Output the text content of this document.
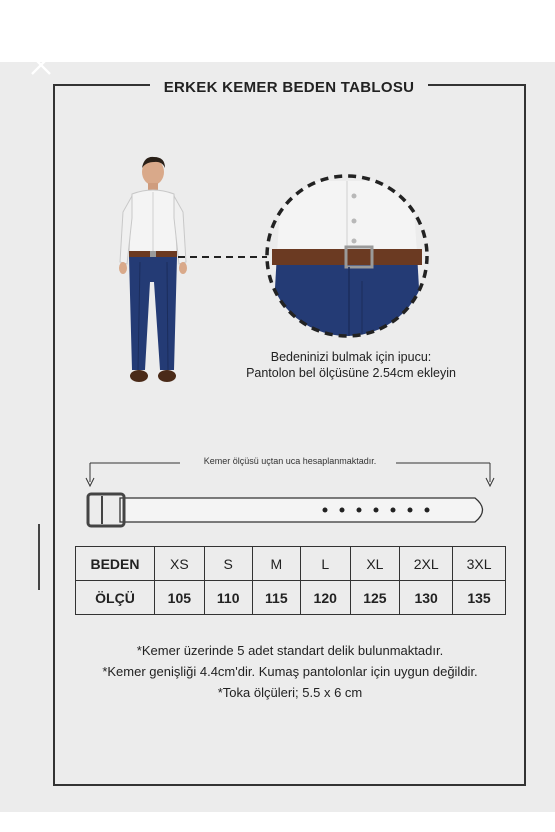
ERKEK KEMER BEDEN TABLOSU
Bedeninizi bulmak için ipucu:
Pantolon bel ölçüsüne 2.54cm ekleyin
Kemer ölçüsü uçtan uca hesaplanmaktadır.
BEDEN	XS	S	M	L	XL	2XL	3XL
ÖLÇÜ	105	110	115	120	125	130	135
*Kemer üzerinde 5 adet standart delik bulunmaktadır.
*Kemer genişliği 4.4cm'dir. Kumaş pantolonlar için uygun değildir.
*Toka ölçüleri; 5.5 x 6 cm
